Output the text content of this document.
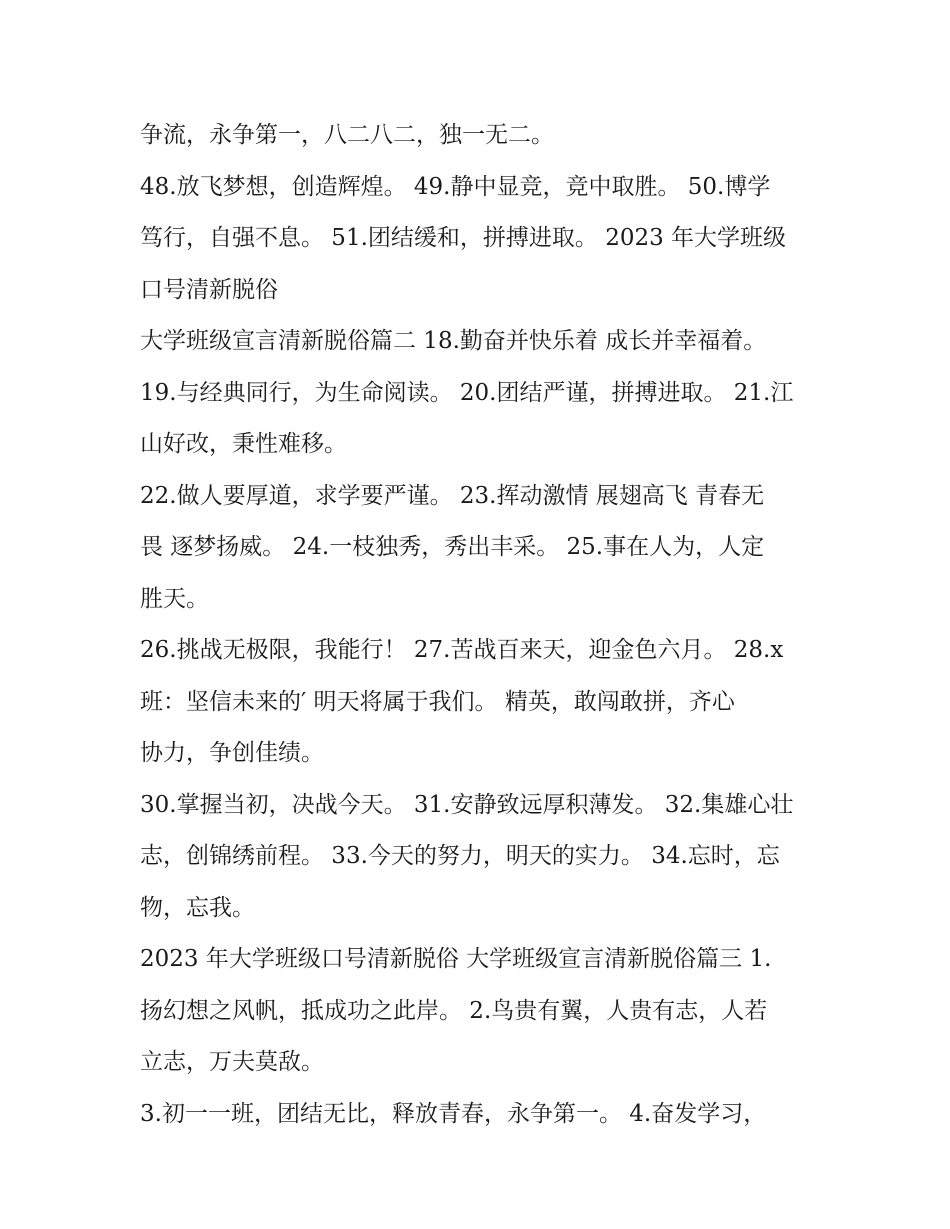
争流，永争第一，八二八二，独一无二。
48.放飞梦想，创造辉煌。 49.静中显竞，竞中取胜。 50.博学
笃行，自强不息。 51.团结缓和，拼搏进取。 2023 年大学班级
口号清新脱俗
大学班级宣言清新脱俗篇二 18.勤奋并快乐着 成长并幸福着。
19.与经典同行，为生命阅读。 20.团结严谨，拼搏进取。 21.江
山好改，秉性难移。
22.做人要厚道，求学要严谨。 23.挥动激情 展翅高飞 青春无
畏 逐梦扬威。 24.一枝独秀，秀出丰采。 25.事在人为，人定
胜天。
26.挑战无极限，我能行！ 27.苦战百来天，迎金色六月。 28.x
班：坚信未来的′ 明天将属于我们。 精英，敢闯敢拼，齐心
协力，争创佳绩。
30.掌握当初，决战今天。 31.安静致远厚积薄发。 32.集雄心壮
志，创锦绣前程。 33.今天的努力，明天的实力。 34.忘时，忘
物，忘我。
2023 年大学班级口号清新脱俗 大学班级宣言清新脱俗篇三 1.
扬幻想之风帆，抵成功之此岸。 2.鸟贵有翼，人贵有志，人若
立志，万夫莫敌。
3.初一一班，团结无比，释放青春，永争第一。 4.奋发学习，
